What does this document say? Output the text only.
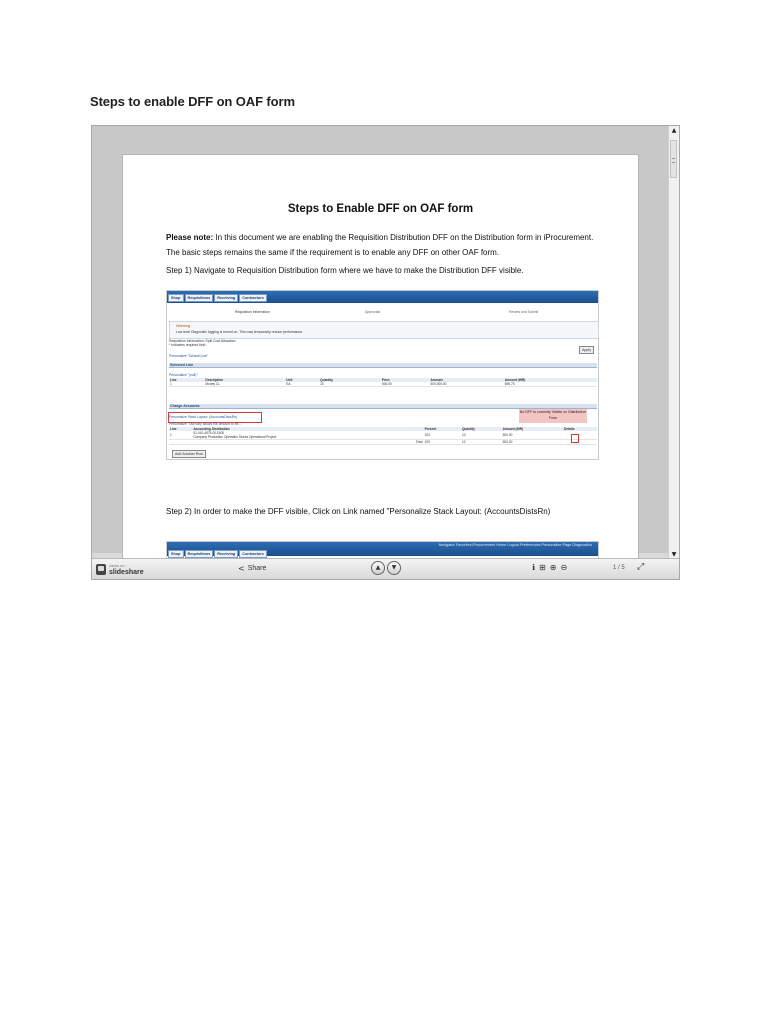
Steps to enable DFF on OAF form
Steps to Enable DFF on OAF form
Please note: In this document we are enabling the Requisition Distribution DFF on the Distribution form in iProcurement. The basic steps remains the same if the requirement is to enable any DFF on other OAF form.
Step 1) Navigate to Requisition Distribution form where we have to make the Distribution DFF visible.
Shop	Requisitions	Receiving	Contractors
Requisition Information	Approvals	Review and Submit
Warning
Low level Diagnostic logging is turned on. This may temporarily reduce performance.
Requisition Information: Split Cost Allocation
* Indicates required field
Personalize "Default Line"
Apply
Selected Line
Personalize "(null)"
Line	Description	Unit	Quantity	Price	Amount	Amount (INR)
1	Money CL	EA	10	500.00	500,000.00	695.75
Charge Accounts
Personalize Stack Layout: (AccountsDistsRn)
Personalize "Tax/Vary allows the amount to be..."
Line	Accounting Distribution	Percent	Quantity	Amount (INR)	Details
1	01-410-4575-00-0000
Company Production Operation Stores Operational Project	100	10	500.00	
	Total	100	10	500.00	
No DFF is currently Visible on Distribution Form
Add Another Row
Step 2) In order to make the DFF visible, Click on Link named "Personalize Stack Layout: (AccountsDistsRn)
Navigator Favorites iProcurement Home Logout Preferences Personalize Page Diagnostics
Shop	Requisitions	Receiving	Contractors
▲
▼
views on
slideshare	< Share	▲	▼	ℹ ⊞ ⊕ ⊖	1 / 5 ⤢
